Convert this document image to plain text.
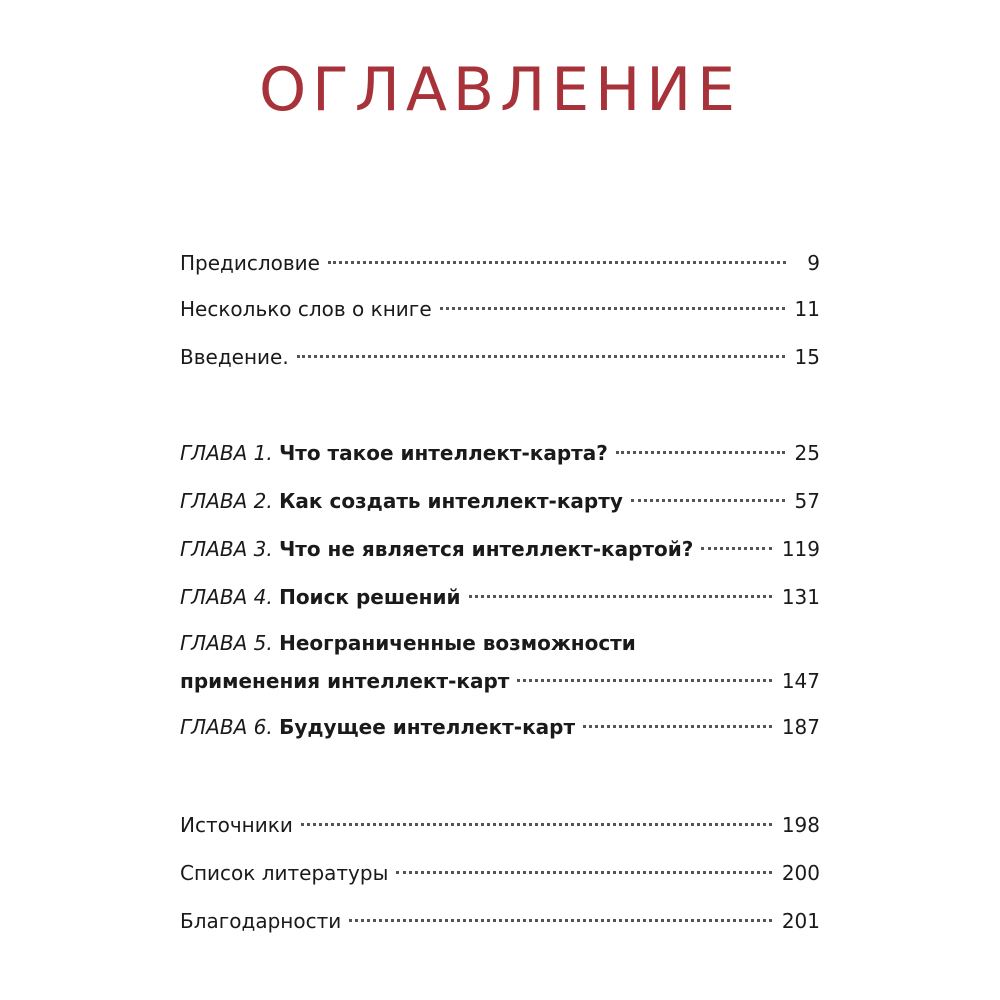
ОГЛАВЛЕНИЕ
Предисловие	9
Несколько слов о книге	11
Введение.	15
ГЛАВА 1. Что такое интеллект-карта?	25
ГЛАВА 2. Как создать интеллект-карту	57
ГЛАВА 3. Что не является интеллект-картой?	119
ГЛАВА 4. Поиск решений	131
ГЛАВА 5. Неограниченные возможности
применения интеллект-карт	147
ГЛАВА 6. Будущее интеллект-карт	187
Источники	198
Список литературы	200
Благодарности	201
